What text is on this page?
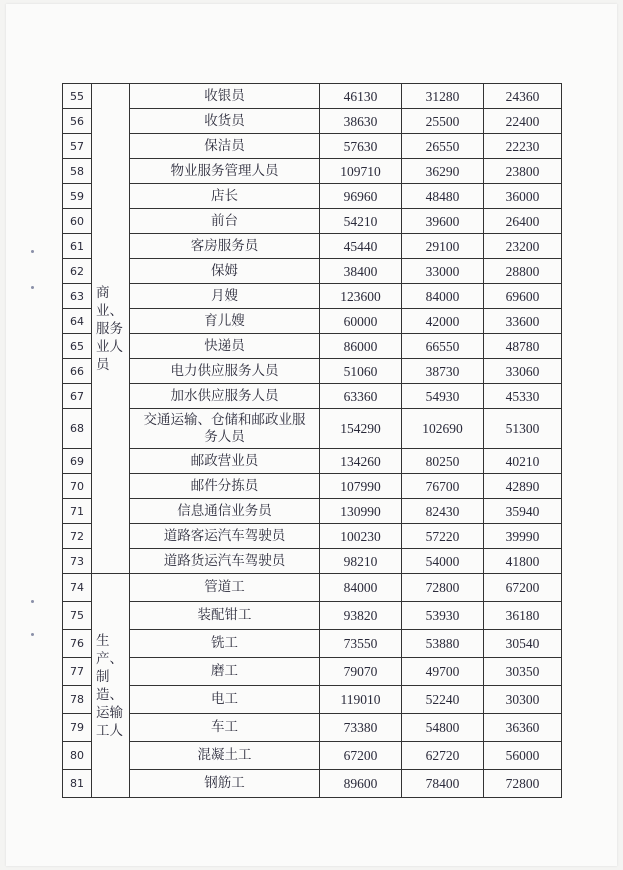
55	商业、服务业人员	收银员	46130	31280	24360
56		收货员	38630	25500	22400
57		保洁员	57630	26550	22230
58		物业服务管理人员	109710	36290	23800
59		店长	96960	48480	36000
60		前台	54210	39600	26400
61		客房服务员	45440	29100	23200
62		保姆	38400	33000	28800
63		月嫂	123600	84000	69600
64		育儿嫂	60000	42000	33600
65		快递员	86000	66550	48780
66		电力供应服务人员	51060	38730	33060
67		加水供应服务人员	63360	54930	45330
68		交通运输、仓储和邮政业服务人员	154290	102690	51300
69		邮政营业员	134260	80250	40210
70		邮件分拣员	107990	76700	42890
71		信息通信业务员	130990	82430	35940
72		道路客运汽车驾驶员	100230	57220	39990
73		道路货运汽车驾驶员	98210	54000	41800
74	生产、制造、运输工人	管道工	84000	72800	67200
75		装配钳工	93820	53930	36180
76		铣工	73550	53880	30540
77		磨工	79070	49700	30350
78		电工	119010	52240	30300
79		车工	73380	54800	36360
80		混凝土工	67200	62720	56000
81		钢筋工	89600	78400	72800
